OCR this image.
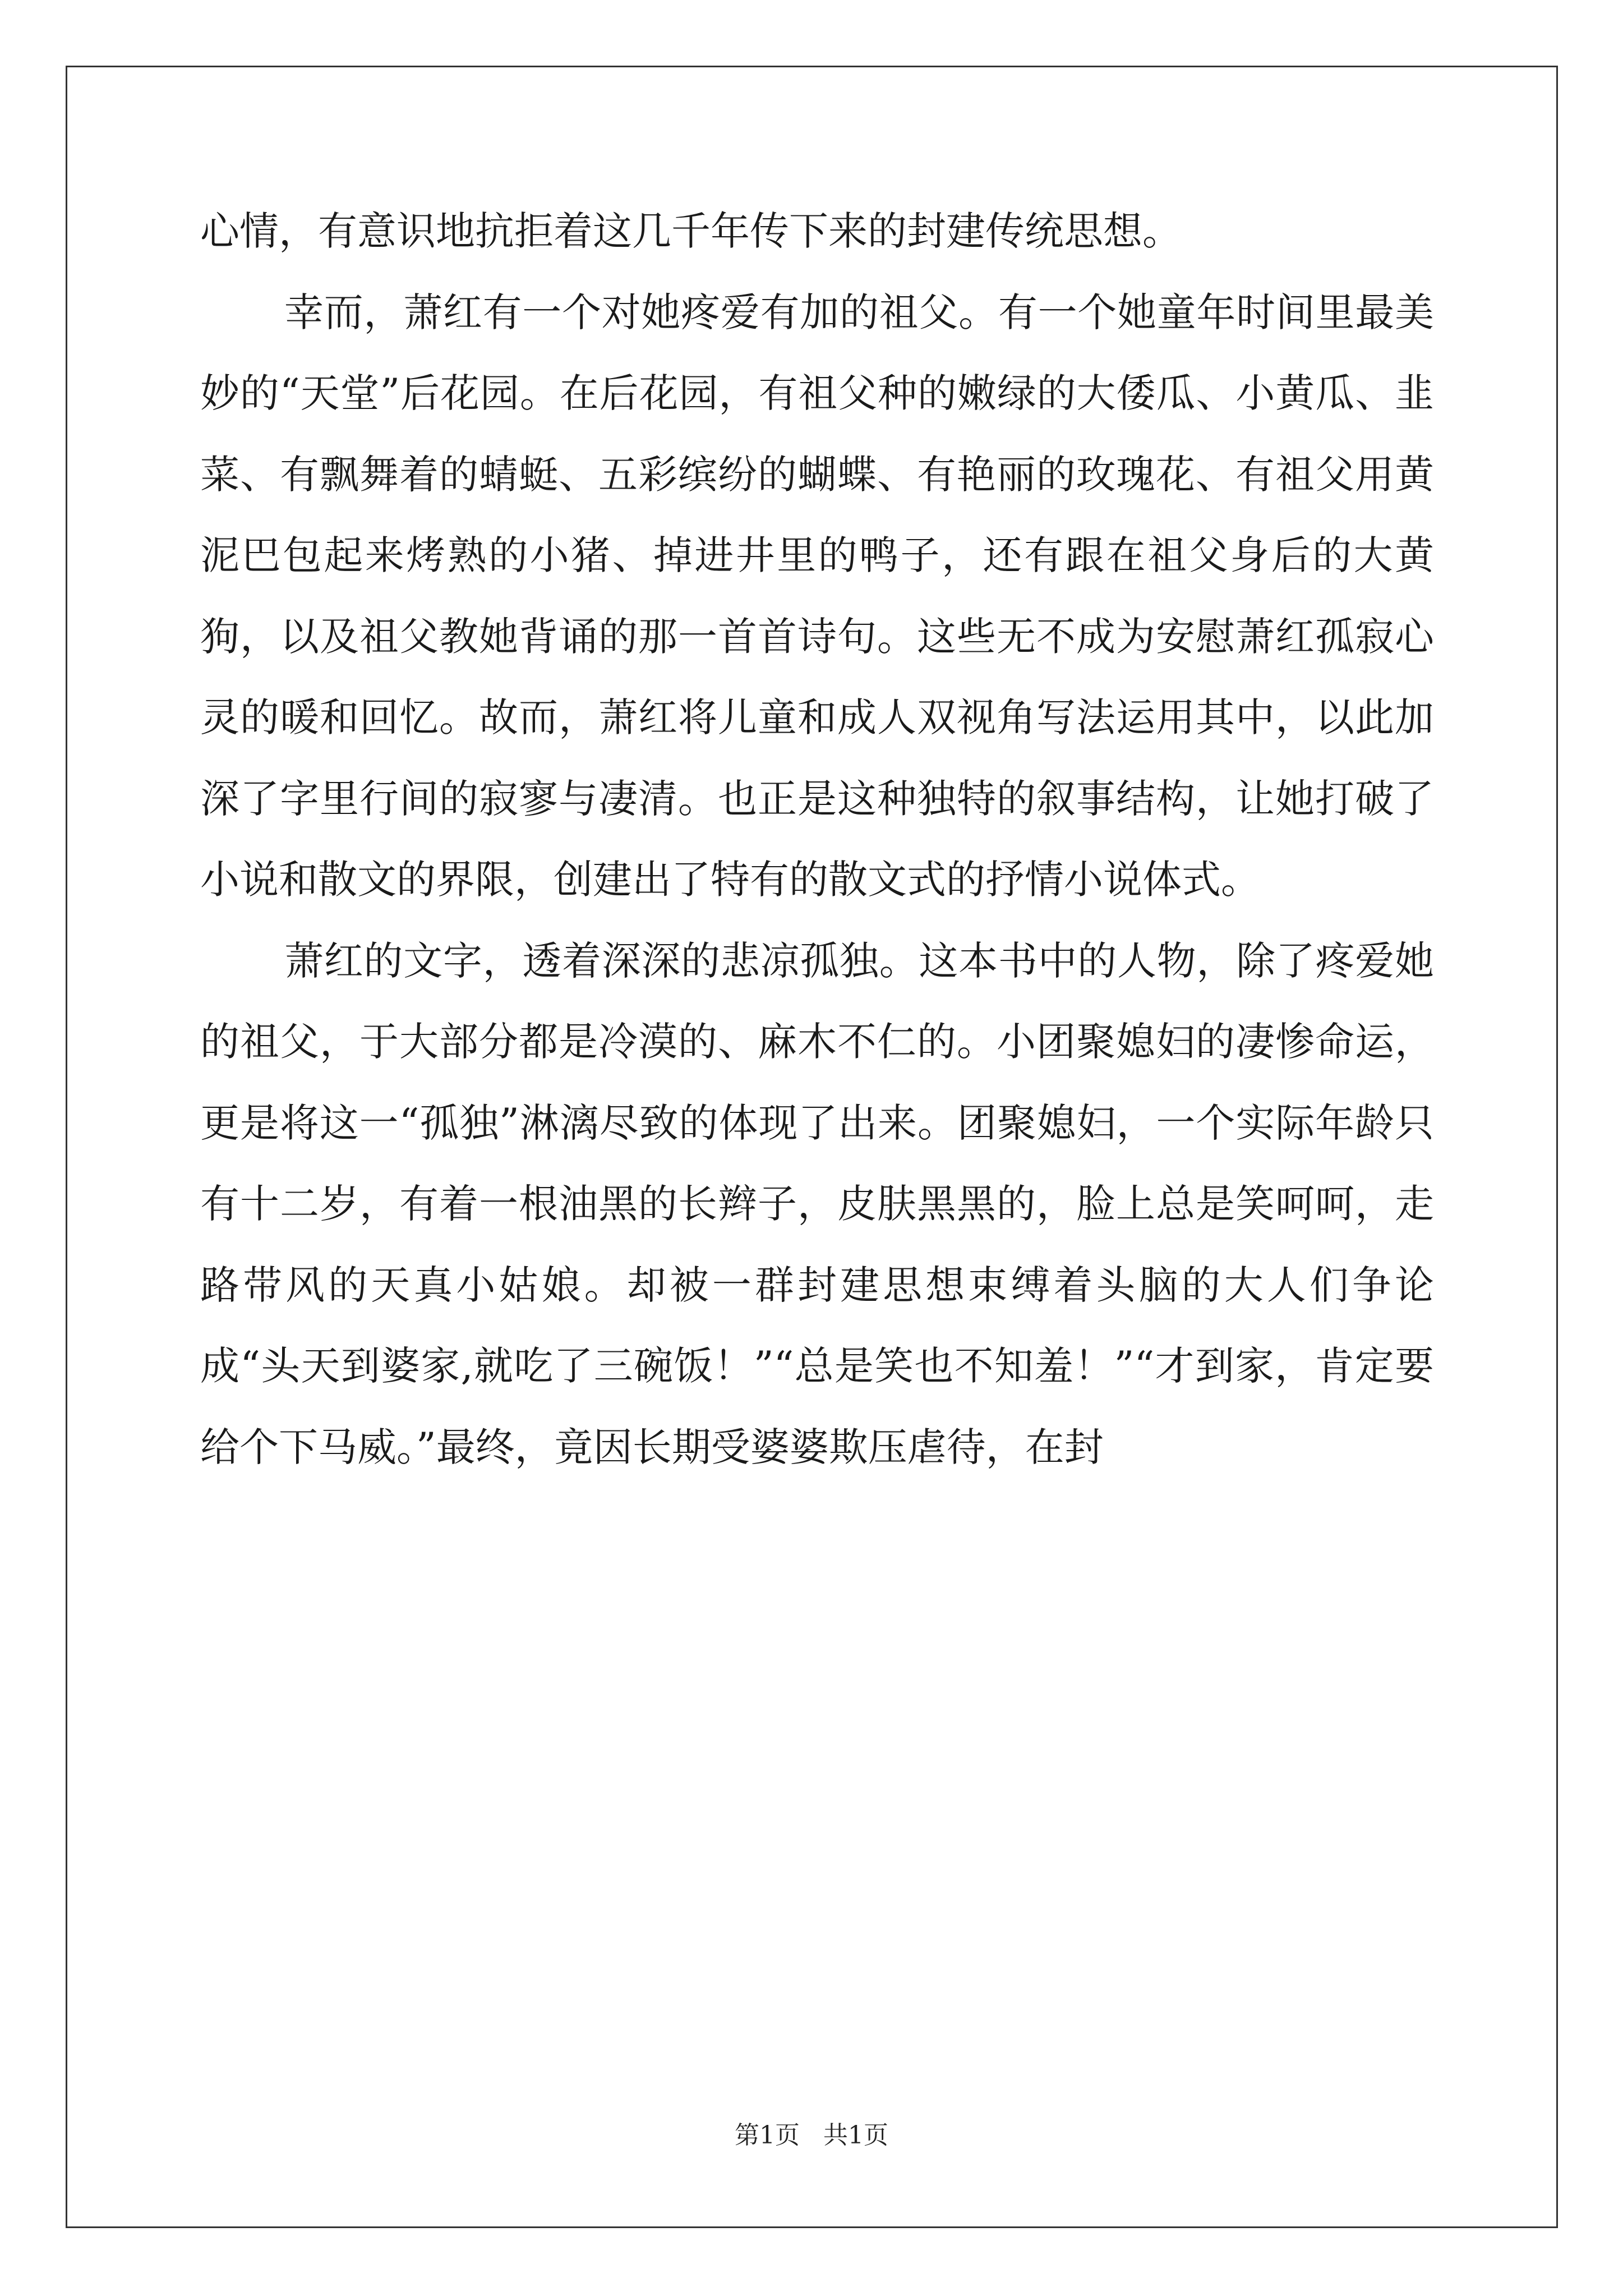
心情，有意识地抗拒着这几千年传下来的封建传统思想。

幸而，萧红有一个对她疼爱有加的祖父。有一个她童年时间里最美妙的“天堂”后花园。在后花园，有祖父种的嫩绿的大倭瓜、小黄瓜、韭菜、有飘舞着的蜻蜓、五彩缤纷的蝴蝶、有艳丽的玫瑰花、有祖父用黄泥巴包起来烤熟的小猪、掉进井里的鸭子，还有跟在祖父身后的大黄狗，以及祖父教她背诵的那一首首诗句。这些无不成为安慰萧红孤寂心灵的暖和回忆。故而，萧红将儿童和成人双视角写法运用其中，以此加深了字里行间的寂寥与凄清。也正是这种独特的叙事结构，让她打破了小说和散文的界限，创建出了特有的散文式的抒情小说体式。

萧红的文字，透着深深的悲凉孤独。这本书中的人物，除了疼爱她的祖父，于大部分都是冷漠的、麻木不仁的。小团聚媳妇的凄惨命运，更是将这一“孤独”淋漓尽致的体现了出来。团聚媳妇，一个实际年龄只有十二岁，有着一根油黑的长辫子，皮肤黑黑的，脸上总是笑呵呵，走路带风的天真小姑娘。却被一群封建思想束缚着头脑的大人们争论成“头天到婆家,就吃了三碗饭！”“总是笑也不知羞！”“才到家，肯定要给个下马威。”最终，竟因长期受婆婆欺压虐待，在封

第1页   共1页
